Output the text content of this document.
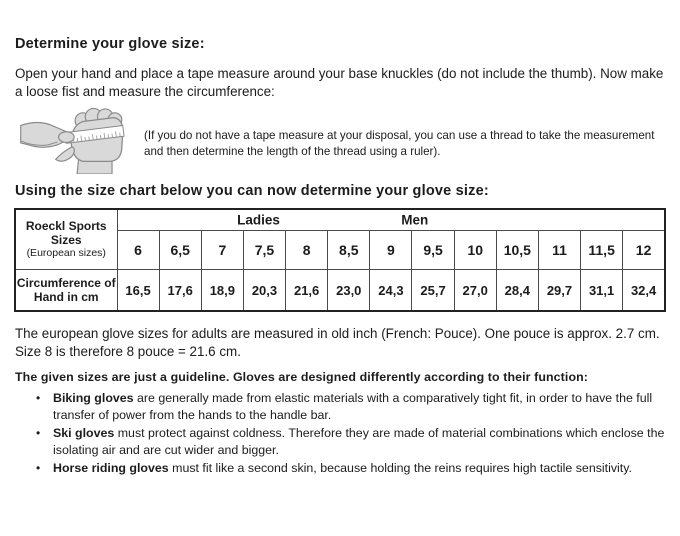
Determine your glove size:
Open your hand and place a tape measure around your base knuckles (do not include the thumb). Now make a loose fist and measure the circumference:
(If you do not have a tape measure at your disposal, you can use a thread to take the measurement and then determine the length of the thread using a ruler).
Using the size chart below you can now determine your glove size:
Roeckl Sports
Sizes
(European sizes)

Ladies	Men

	6	6,5	7	7,5	8	8,5	9	9,5	10	10,5	11	11,5	12

Circumference of
Hand in cm	16,5	17,6	18,9	20,3	21,6	23,0	24,3	25,7	27,0	28,4	29,7	31,1	32,4
The european glove sizes for adults are measured in old inch (French: Pouce). One pouce is approx. 2.7 cm. Size 8 is therefore 8 pouce = 21.6 cm.
The given sizes are just a guideline. Gloves are designed differently according to their function:
•	Biking gloves are generally made from elastic materials with a comparatively tight fit, in order to have the full transfer of power from the hands to the handle bar.
•	Ski gloves must protect against coldness. Therefore they are made of material combinations which enclose the isolating air and are cut wider and bigger.
•	Horse riding gloves must fit like a second skin, because holding the reins requires high tactile sensitivity.
